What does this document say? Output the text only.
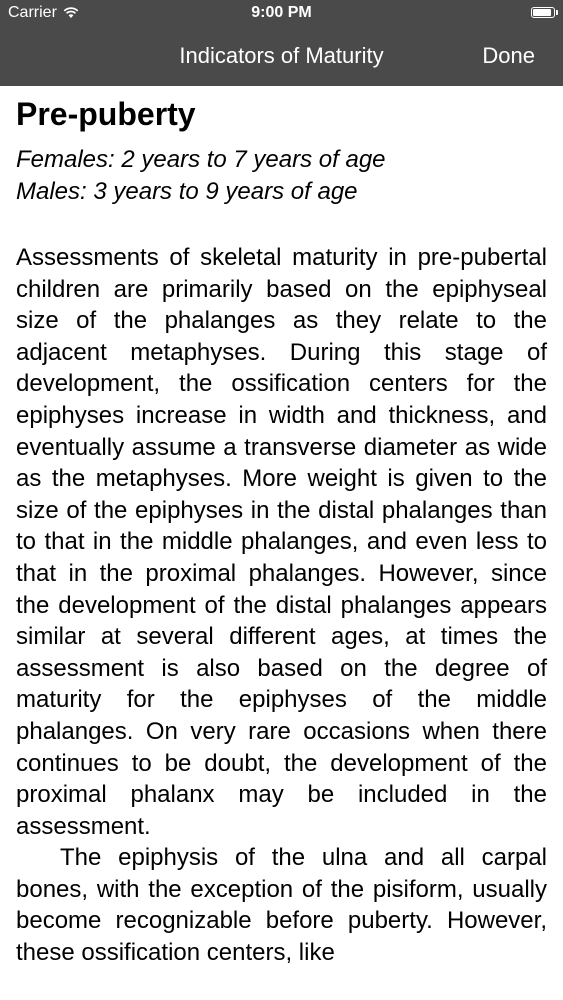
Carrier	9:00 PM
Indicators of Maturity	Done
Pre-puberty
Females: 2 years to 7 years of age
Males: 3 years to 9 years of age

Assessments of skeletal maturity in pre-pubertal children are primarily based on the epiphyseal size of the phalanges as they relate to the adjacent metaphyses. During this stage of development, the ossification centers for the epiphyses increase in width and thickness, and eventually assume a transverse diameter as wide as the metaphyses. More weight is given to the size of the epiphyses in the distal phalanges than to that in the middle phalanges, and even less to that in the proximal phalanges. However, since the development of the distal phalanges appears similar at several different ages, at times the assessment is also based on the degree of maturity for the epiphyses of the middle phalanges. On very rare occasions when there continues to be doubt, the development of the proximal phalanx may be included in the assessment.

The epiphysis of the ulna and all carpal bones, with the exception of the pisiform, usually become recognizable before puberty. However, these ossification centers, like
